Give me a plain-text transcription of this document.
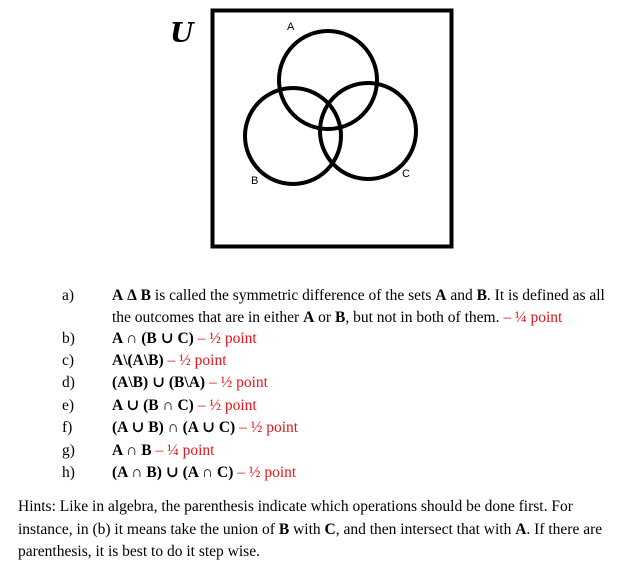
U	A
B
C
a) A Δ B is called the symmetric difference of the sets A and B. It is defined as all
the outcomes that are in either A or B, but not in both of them. – ¼ point
b) A ∩ (B ∪ C) – ½ point
c) A\(A\B) – ½ point
d) (A\B) ∪ (B\A) – ½ point
e) A ∪ (B ∩ C) – ½ point
f)	(A ∪ B) ∩ (A ∪ C) – ½ point
g) A ∩ B – ¼ point
h) (A ∩ B) ∪ (A ∩ C) – ½ point
Hints: Like in algebra, the parenthesis indicate which operations should be done first. For instance, in (b) it means take the union of B with C, and then intersect that with A. If there are parenthesis, it is best to do it step wise.
